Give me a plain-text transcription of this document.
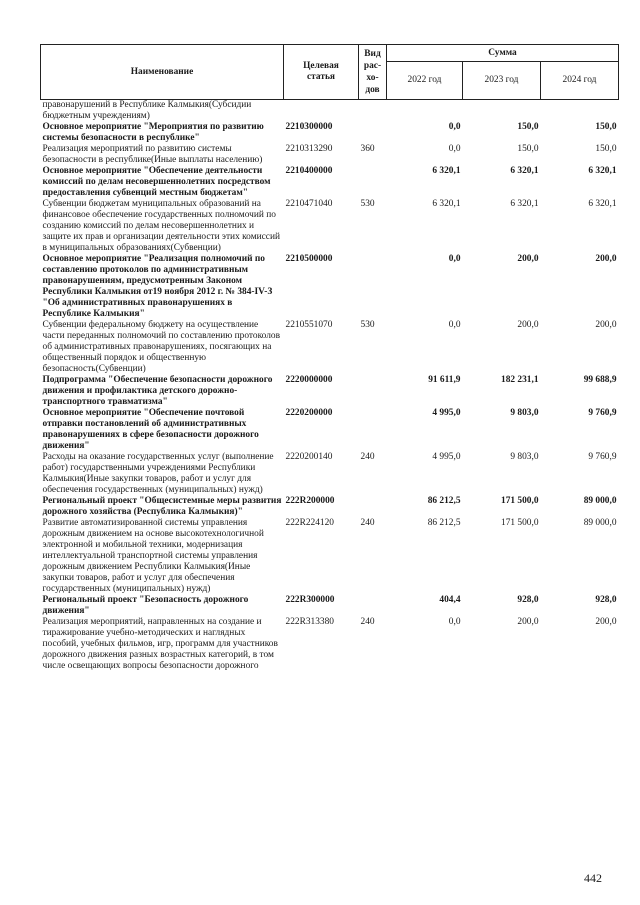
Наименование	Целевая статья	Вид рас-хо-дов	Сумма		
			2022 год	2023 год	2024 год
правонарушений в Республике Калмыкия(Субсидии бюджетным учреждениям)					
Основное мероприятие "Мероприятия по развитию системы безопасности в республике"	2210300000		0,0	150,0	150,0
Реализация мероприятий по развитию системы безопасности в республике(Иные выплаты населению)	2210313290	360	0,0	150,0	150,0
Основное мероприятие "Обеспечение деятельности комиссий по делам несовершеннолетних посредством предоставления субвенций местным бюджетам"	2210400000		6 320,1	6 320,1	6 320,1
Субвенции бюджетам муниципальных образований на финансовое обеспечение государственных полномочий по созданию комиссий по делам несовершеннолетних и защите их прав и организации деятельности этих комиссий в муниципальных образованиях(Субвенции)	2210471040	530	6 320,1	6 320,1	6 320,1
Основное мероприятие "Реализация полномочий по составлению протоколов по административным правонарушениям, предусмотренным Законом Республики Калмыкия от19 ноября 2012 г. № 384-IV-З "Об административных правонарушениях в Республике Калмыкия"	2210500000		0,0	200,0	200,0
Субвенции федеральному бюджету на осуществление части переданных полномочий по составлению протоколов об административных правонарушениях, посягающих на общественный порядок и общественную безопасность(Субвенции)	2210551070	530	0,0	200,0	200,0
Подпрограмма "Обеспечение безопасности дорожного движения и профилактика детского дорожно-транспортного травматизма"	2220000000		91 611,9	182 231,1	99 688,9
Основное мероприятие "Обеспечение почтовой отправки постановлений об административных правонарушениях в сфере безопасности дорожного движения"	2220200000		4 995,0	9 803,0	9 760,9
Расходы на оказание государственных услуг (выполнение работ) государственными учреждениями Республики Калмыкия(Иные закупки товаров, работ и услуг для обеспечения государственных (муниципальных) нужд)	2220200140	240	4 995,0	9 803,0	9 760,9
Региональный проект "Общесистемные меры развития дорожного хозяйства (Республика Калмыкия)"	222R200000		86 212,5	171 500,0	89 000,0
Развитие автоматизированной системы управления дорожным движением на основе высокотехнологичной электронной и мобильной техники, модернизация интеллектуальной транспортной системы управления дорожным движением Республики Калмыкия(Иные закупки товаров, работ и услуг для обеспечения государственных (муниципальных) нужд)	222R224120	240	86 212,5	171 500,0	89 000,0
Региональный проект "Безопасность дорожного движения"	222R300000		404,4	928,0	928,0
Реализация мероприятий, направленных на создание и тиражирование учебно-методических и наглядных пособий, учебных фильмов, игр, программ для участников дорожного движения разных возрастных категорий, в том числе освещающих вопросы безопасности дорожного	222R313380	240	0,0	200,0	200,0
442
